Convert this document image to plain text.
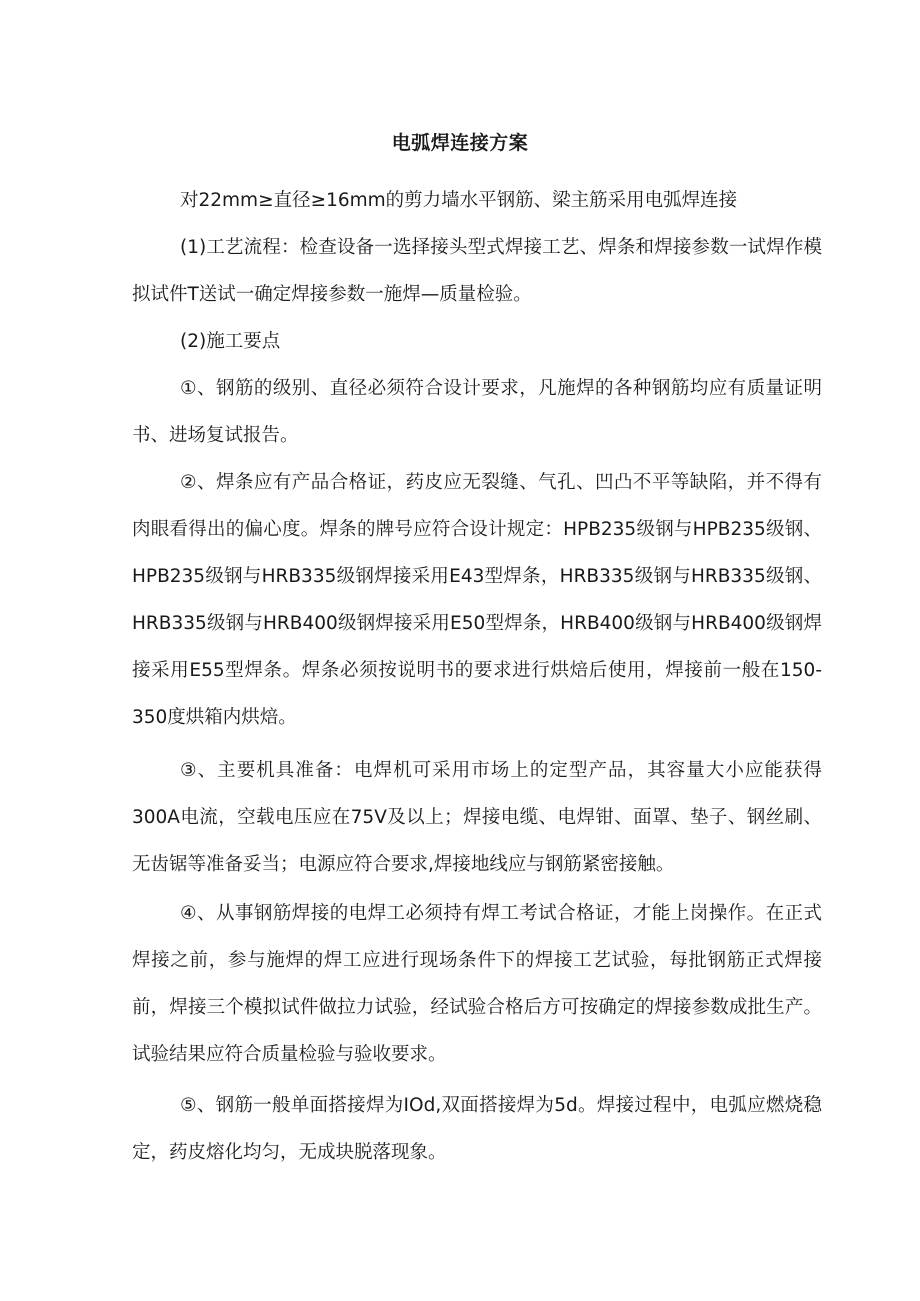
电弧焊连接方案

对22mm≥直径≥16mm的剪力墙水平钢筋、梁主筋采用电弧焊连接

(1)工艺流程：检查设备一选择接头型式焊接工艺、焊条和焊接参数一试焊作模拟试件T送试一确定焊接参数一施焊—质量检验。

(2)施工要点

①、钢筋的级别、直径必须符合设计要求，凡施焊的各种钢筋均应有质量证明书、进场复试报告。

②、焊条应有产品合格证，药皮应无裂缝、气孔、凹凸不平等缺陷，并不得有肉眼看得出的偏心度。焊条的牌号应符合设计规定：HPB235级钢与HPB235级钢、HPB235级钢与HRB335级钢焊接采用E43型焊条，HRB335级钢与HRB335级钢、HRB335级钢与HRB400级钢焊接采用E50型焊条，HRB400级钢与HRB400级钢焊接采用E55型焊条。焊条必须按说明书的要求进行烘焙后使用，焊接前一般在150-350度烘箱内烘焙。

③、主要机具准备：电焊机可采用市场上的定型产品，其容量大小应能获得300A电流，空载电压应在75V及以上；焊接电缆、电焊钳、面罩、垫子、钢丝刷、无齿锯等准备妥当；电源应符合要求,焊接地线应与钢筋紧密接触。

④、从事钢筋焊接的电焊工必须持有焊工考试合格证，才能上岗操作。在正式焊接之前，参与施焊的焊工应进行现场条件下的焊接工艺试验，每批钢筋正式焊接前，焊接三个模拟试件做拉力试验，经试验合格后方可按确定的焊接参数成批生产。试验结果应符合质量检验与验收要求。

⑤、钢筋一般单面搭接焊为IOd,双面搭接焊为5d。焊接过程中，电弧应燃烧稳定，药皮熔化均匀，无成块脱落现象。
